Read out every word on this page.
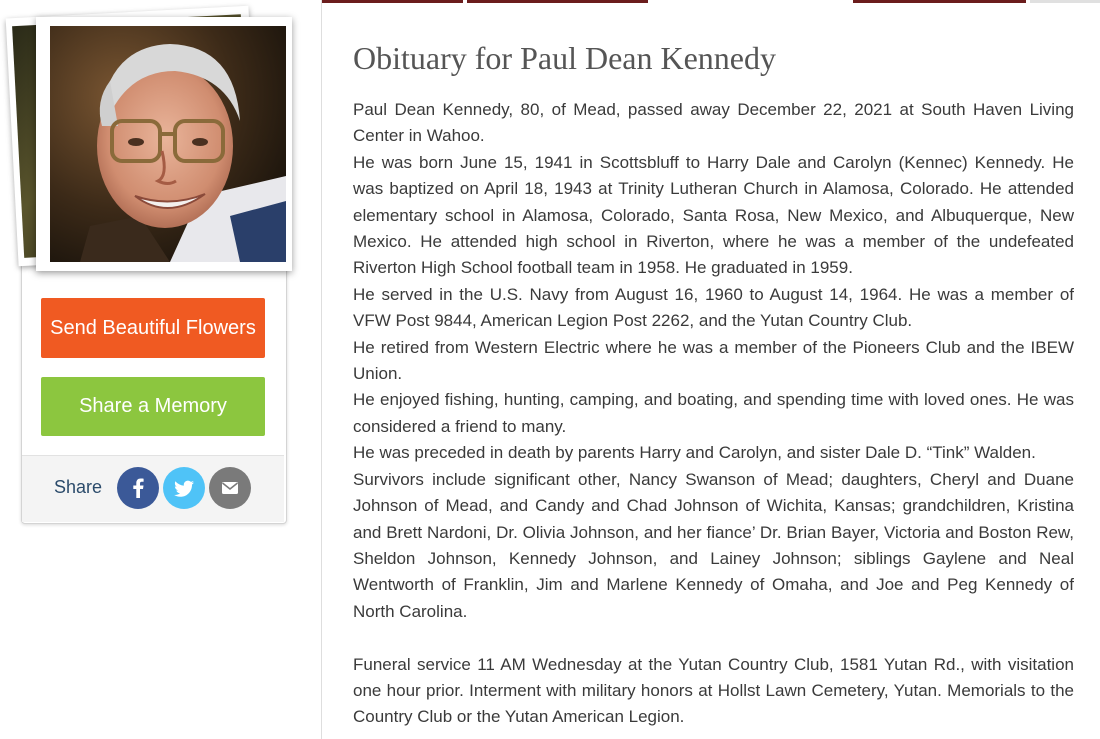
Send Beautiful Flowers
Share a Memory
Share
Obituary for Paul Dean Kennedy

Paul Dean Kennedy, 80, of Mead, passed away December 22, 2021 at South Haven Living Center in Wahoo.

He was born June 15, 1941 in Scottsbluff to Harry Dale and Carolyn (Kennec) Kennedy. He was baptized on April 18, 1943 at Trinity Lutheran Church in Alamosa, Colorado. He attended elementary school in Alamosa, Colorado, Santa Rosa, New Mexico, and Albuquerque, New Mexico. He attended high school in Riverton, where he was a member of the undefeated Riverton High School football team in 1958. He graduated in 1959.

He served in the U.S. Navy from August 16, 1960 to August 14, 1964. He was a member of VFW Post 9844, American Legion Post 2262, and the Yutan Country Club.

He retired from Western Electric where he was a member of the Pioneers Club and the IBEW Union.

He enjoyed fishing, hunting, camping, and boating, and spending time with loved ones. He was considered a friend to many.

He was preceded in death by parents Harry and Carolyn, and sister Dale D. “Tink” Walden.

Survivors include significant other, Nancy Swanson of Mead; daughters, Cheryl and Duane Johnson of Mead, and Candy and Chad Johnson of Wichita, Kansas; grandchildren, Kristina and Brett Nardoni, Dr. Olivia Johnson, and her fiance’ Dr. Brian Bayer, Victoria and Boston Rew, Sheldon Johnson, Kennedy Johnson, and Lainey Johnson; siblings Gaylene and Neal Wentworth of Franklin, Jim and Marlene Kennedy of Omaha, and Joe and Peg Kennedy of North Carolina.

Funeral service 11 AM Wednesday at the Yutan Country Club, 1581 Yutan Rd., with visitation one hour prior. Interment with military honors at Hollst Lawn Cemetery, Yutan. Memorials to the Country Club or the Yutan American Legion.
